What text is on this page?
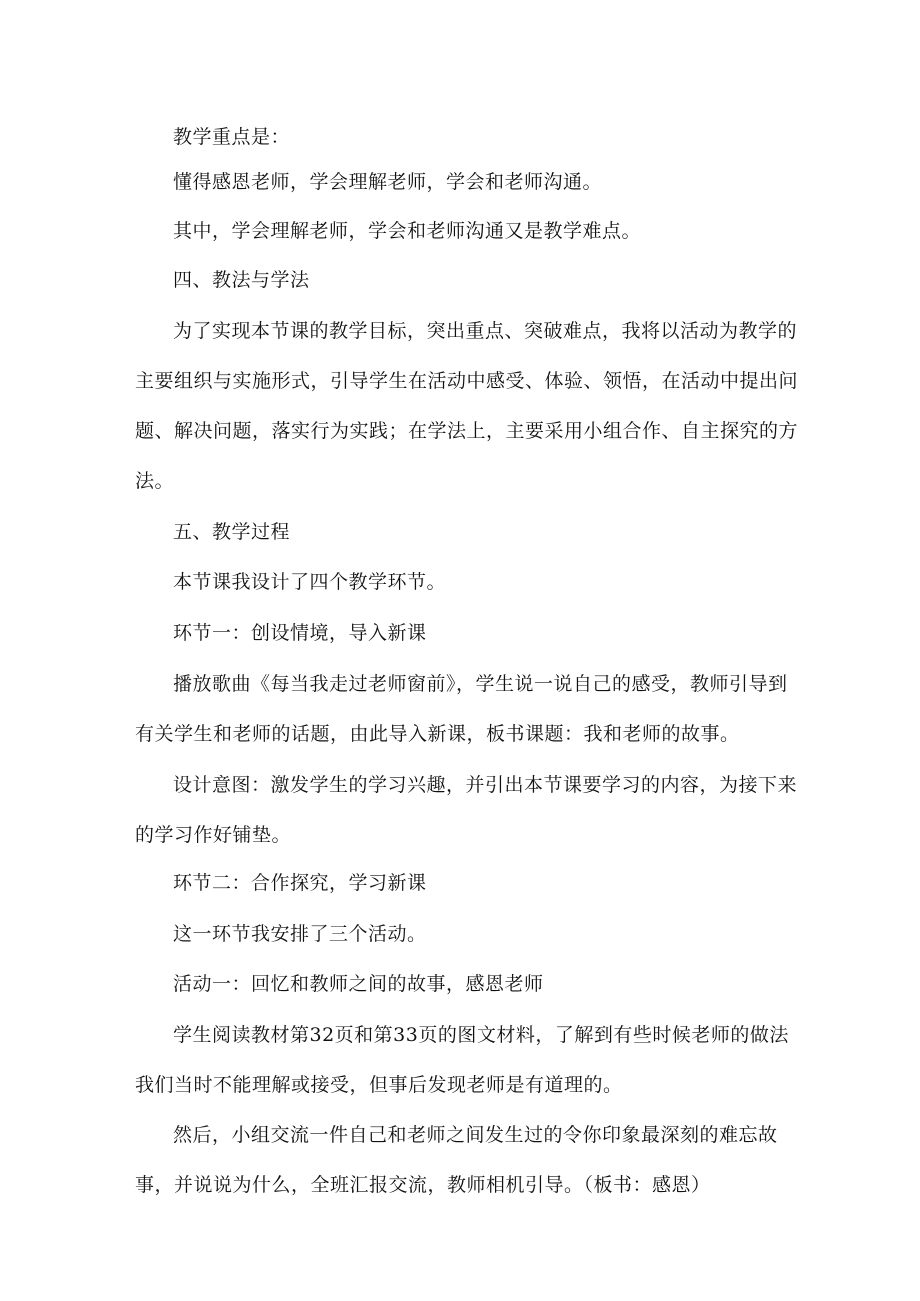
教学重点是：
懂得感恩老师，学会理解老师，学会和老师沟通。
其中，学会理解老师，学会和老师沟通又是教学难点。
四、教法与学法
为了实现本节课的教学目标，突出重点、突破难点，我将以活动为教学的
主要组织与实施形式，引导学生在活动中感受、体验、领悟，在活动中提出问
题、解决问题，落实行为实践；在学法上，主要采用小组合作、自主探究的方
法。
五、教学过程
本节课我设计了四个教学环节。
环节一：创设情境，导入新课
播放歌曲《每当我走过老师窗前》，学生说一说自己的感受，教师引导到
有关学生和老师的话题，由此导入新课，板书课题：我和老师的故事。
设计意图：激发学生的学习兴趣，并引出本节课要学习的内容，为接下来
的学习作好铺垫。
环节二：合作探究，学习新课
这一环节我安排了三个活动。
活动一：回忆和教师之间的故事，感恩老师
学生阅读教材第32页和第33页的图文材料，了解到有些时候老师的做法
我们当时不能理解或接受，但事后发现老师是有道理的。
然后，小组交流一件自己和老师之间发生过的令你印象最深刻的难忘故
事，并说说为什么，全班汇报交流，教师相机引导。（板书：感恩）
